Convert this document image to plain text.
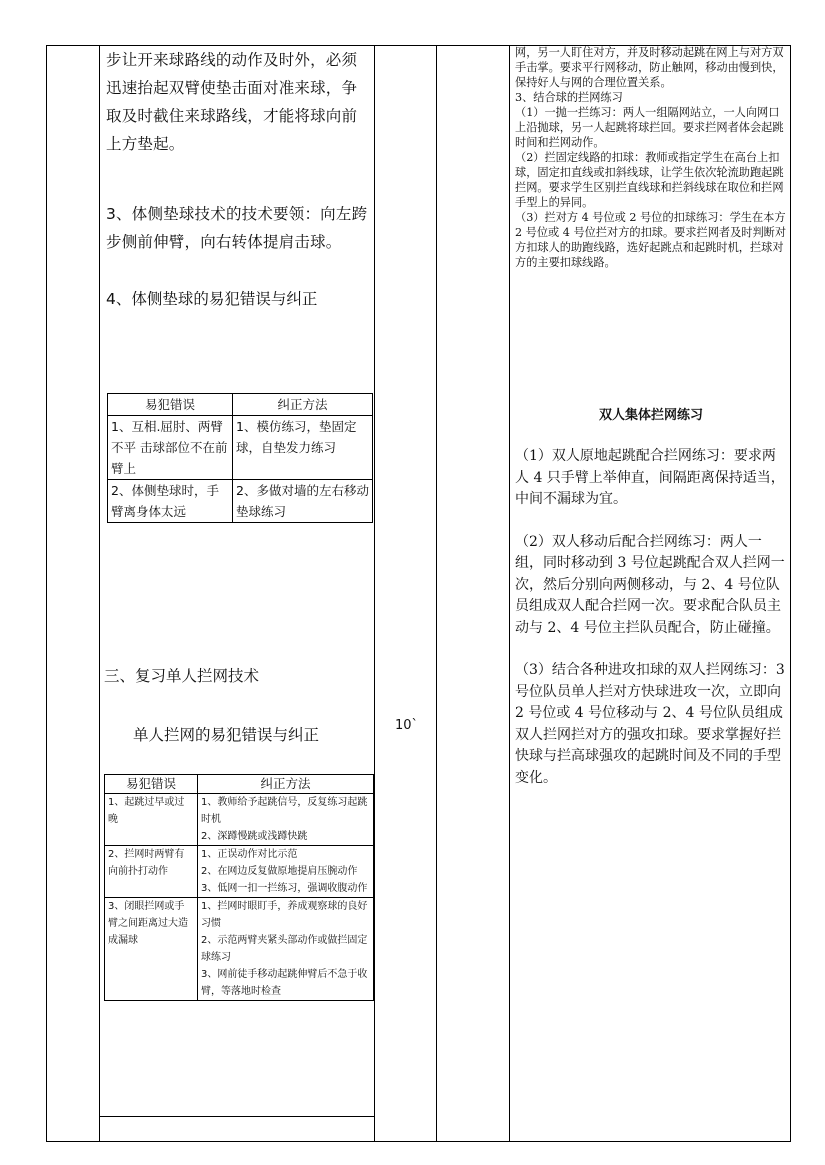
步让开来球路线的动作及时外，必须迅速抬起双臂使垫击面对准来球，争取及时截住来球路线，才能将球向前上方垫起。
3、体侧垫球技术的技术要领：向左跨步侧前伸臂，向右转体提肩击球。
4、体侧垫球的易犯错误与纠正
易犯错误	纠正方法
1、互相.屈肘、两臂不平 击球部位不在前臂上	1、模仿练习，垫固定球，自垫发力练习
2、体侧垫球时，手臂离身体太远	2、多做对墙的左右移动垫球练习
三、复习单人拦网技术
单人拦网的易犯错误与纠正
易犯错误	纠正方法
1、起跳过早或过晚	1、教师给予起跳信号，反复练习起跳时机
2、深蹲慢跳或浅蹲快跳
2、拦网时两臂有向前扑打动作	1、正误动作对比示范
2、在网边反复做原地提肩压腕动作
3、低网一扣一拦练习，强调收腹动作
3、闭眼拦网或手臂之间距离过大造成漏球	1、拦网时眼盯手，养成观察球的良好习惯
2、示范两臂夹紧头部动作或做拦固定球练习
3、网前徒手移动起跳伸臂后不急于收臂，等落地时检查
10`

网，另一人盯住对方，并及时移动起跳在网上与对方双手击掌。要求平行网移动，防止触网，移动由慢到快，保持好人与网的合理位置关系。

3、结合球的拦网练习

（1）一抛一拦练习：两人一组隔网站立，一人向网口上沿抛球，另一人起跳将球拦回。要求拦网者体会起跳时间和拦网动作。

（2）拦固定线路的扣球：教师或指定学生在高台上扣球，固定扣直线或扣斜线球，让学生依次轮流助跑起跳拦网。要求学生区别拦直线球和拦斜线球在取位和拦网手型上的异同。

（3）拦对方 4 号位或 2 号位的扣球练习：学生在本方 2 号位或 4 号位拦对方的扣球。要求拦网者及时判断对方扣球人的助跑线路，选好起跳点和起跳时机，拦球对方的主要扣球线路。

双人集体拦网练习

（1）双人原地起跳配合拦网练习：要求两人 4 只手臂上举伸直，间隔距离保持适当，中间不漏球为宜。

（2）双人移动后配合拦网练习：两人一组，同时移动到 3 号位起跳配合双人拦网一次，然后分别向两侧移动，与 2、4 号位队员组成双人配合拦网一次。要求配合队员主动与 2、4 号位主拦队员配合，防止碰撞。

（3）结合各种进攻扣球的双人拦网练习：3 号位队员单人拦对方快球进攻一次，立即向 2 号位或 4 号位移动与 2、4 号位队员组成双人拦网拦对方的强攻扣球。要求掌握好拦快球与拦高球强攻的起跳时间及不同的手型变化。
